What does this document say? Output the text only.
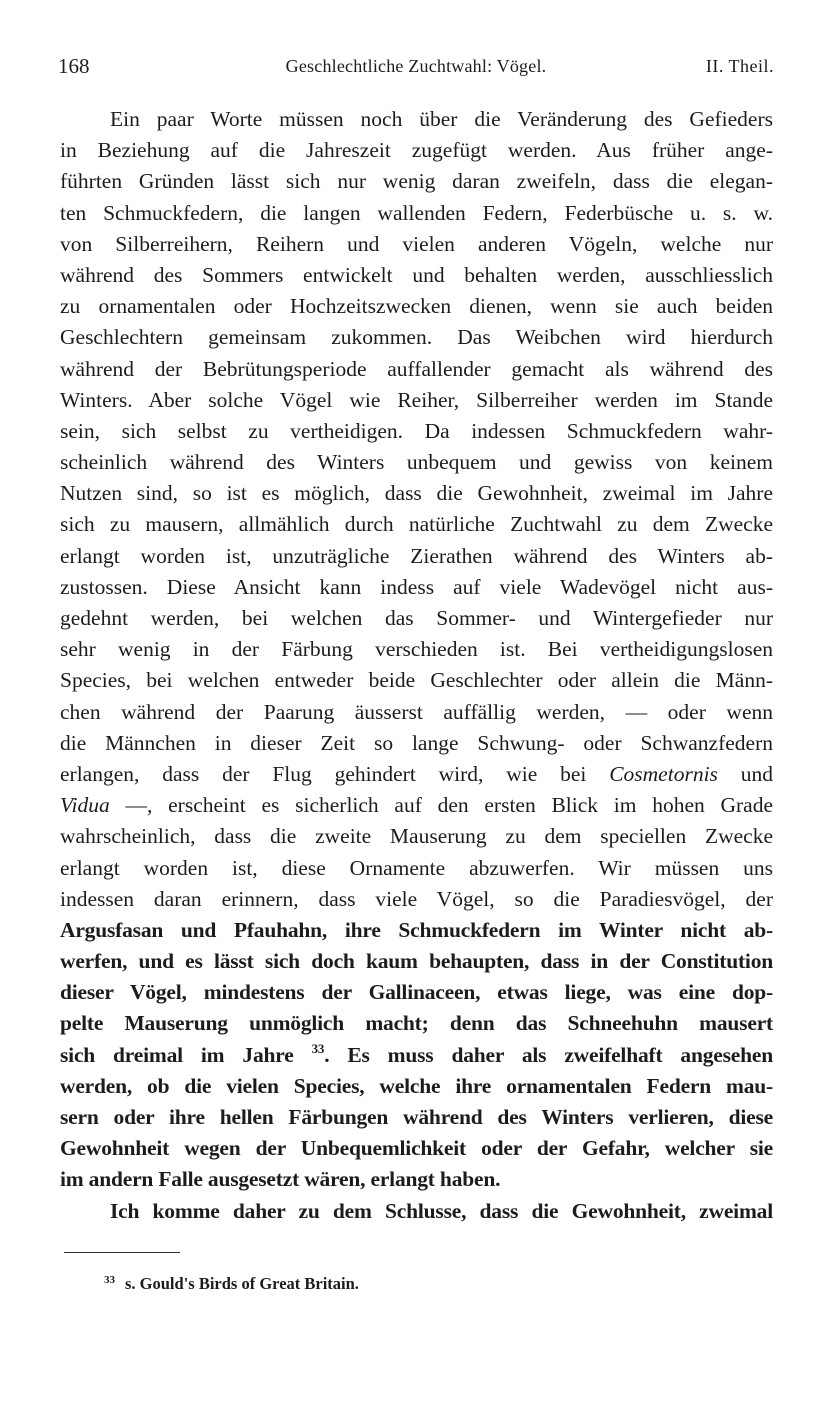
168	Geschlechtliche Zuchtwahl: Vögel.	II. Theil.
Ein paar Worte müssen noch über die Veränderung des Gefieders
in Beziehung auf die Jahreszeit zugefügt werden. Aus früher ange-
führten Gründen lässt sich nur wenig daran zweifeln, dass die elegan-
ten Schmuckfedern, die langen wallenden Federn, Federbüsche u. s. w.
von Silberreihern, Reihern und vielen anderen Vögeln, welche nur
während des Sommers entwickelt und behalten werden, ausschliesslich
zu ornamentalen oder Hochzeitszwecken dienen, wenn sie auch beiden
Geschlechtern gemeinsam zukommen. Das Weibchen wird hierdurch
während der Bebrütungsperiode auffallender gemacht als während des
Winters. Aber solche Vögel wie Reiher, Silberreiher werden im Stande
sein, sich selbst zu vertheidigen. Da indessen Schmuckfedern wahr-
scheinlich während des Winters unbequem und gewiss von keinem
Nutzen sind, so ist es möglich, dass die Gewohnheit, zweimal im Jahre
sich zu mausern, allmählich durch natürliche Zuchtwahl zu dem Zwecke
erlangt worden ist, unzuträgliche Zierathen während des Winters ab-
zustossen. Diese Ansicht kann indess auf viele Wadevögel nicht aus-
gedehnt werden, bei welchen das Sommer- und Wintergefieder nur
sehr wenig in der Färbung verschieden ist. Bei vertheidigungslosen
Species, bei welchen entweder beide Geschlechter oder allein die Männ-
chen während der Paarung äusserst auffällig werden, — oder wenn
die Männchen in dieser Zeit so lange Schwung- oder Schwanzfedern
erlangen, dass der Flug gehindert wird, wie bei Cosmetornis und
Vidua —, erscheint es sicherlich auf den ersten Blick im hohen Grade
wahrscheinlich, dass die zweite Mauserung zu dem speciellen Zwecke
erlangt worden ist, diese Ornamente abzuwerfen. Wir müssen uns
indessen daran erinnern, dass viele Vögel, so die Paradiesvögel, der
Argusfasan und Pfauhahn, ihre Schmuckfedern im Winter nicht ab-
werfen, und es lässt sich doch kaum behaupten, dass in der Constitution
dieser Vögel, mindestens der Gallinaceen, etwas liege, was eine dop-
pelte Mauserung unmöglich macht; denn das Schneehuhn mausert
sich dreimal im Jahre $^{33}$. Es muss daher als zweifelhaft angesehen
werden, ob die vielen Species, welche ihre ornamentalen Federn mau-
sern oder ihre hellen Färbungen während des Winters verlieren, diese
Gewohnheit wegen der Unbequemlichkeit oder der Gefahr, welcher sie
im andern Falle ausgesetzt wären, erlangt haben.
Ich komme daher zu dem Schlusse, dass die Gewohnheit, zweimal
$^{33}$ s. Gould's Birds of Great Britain.
